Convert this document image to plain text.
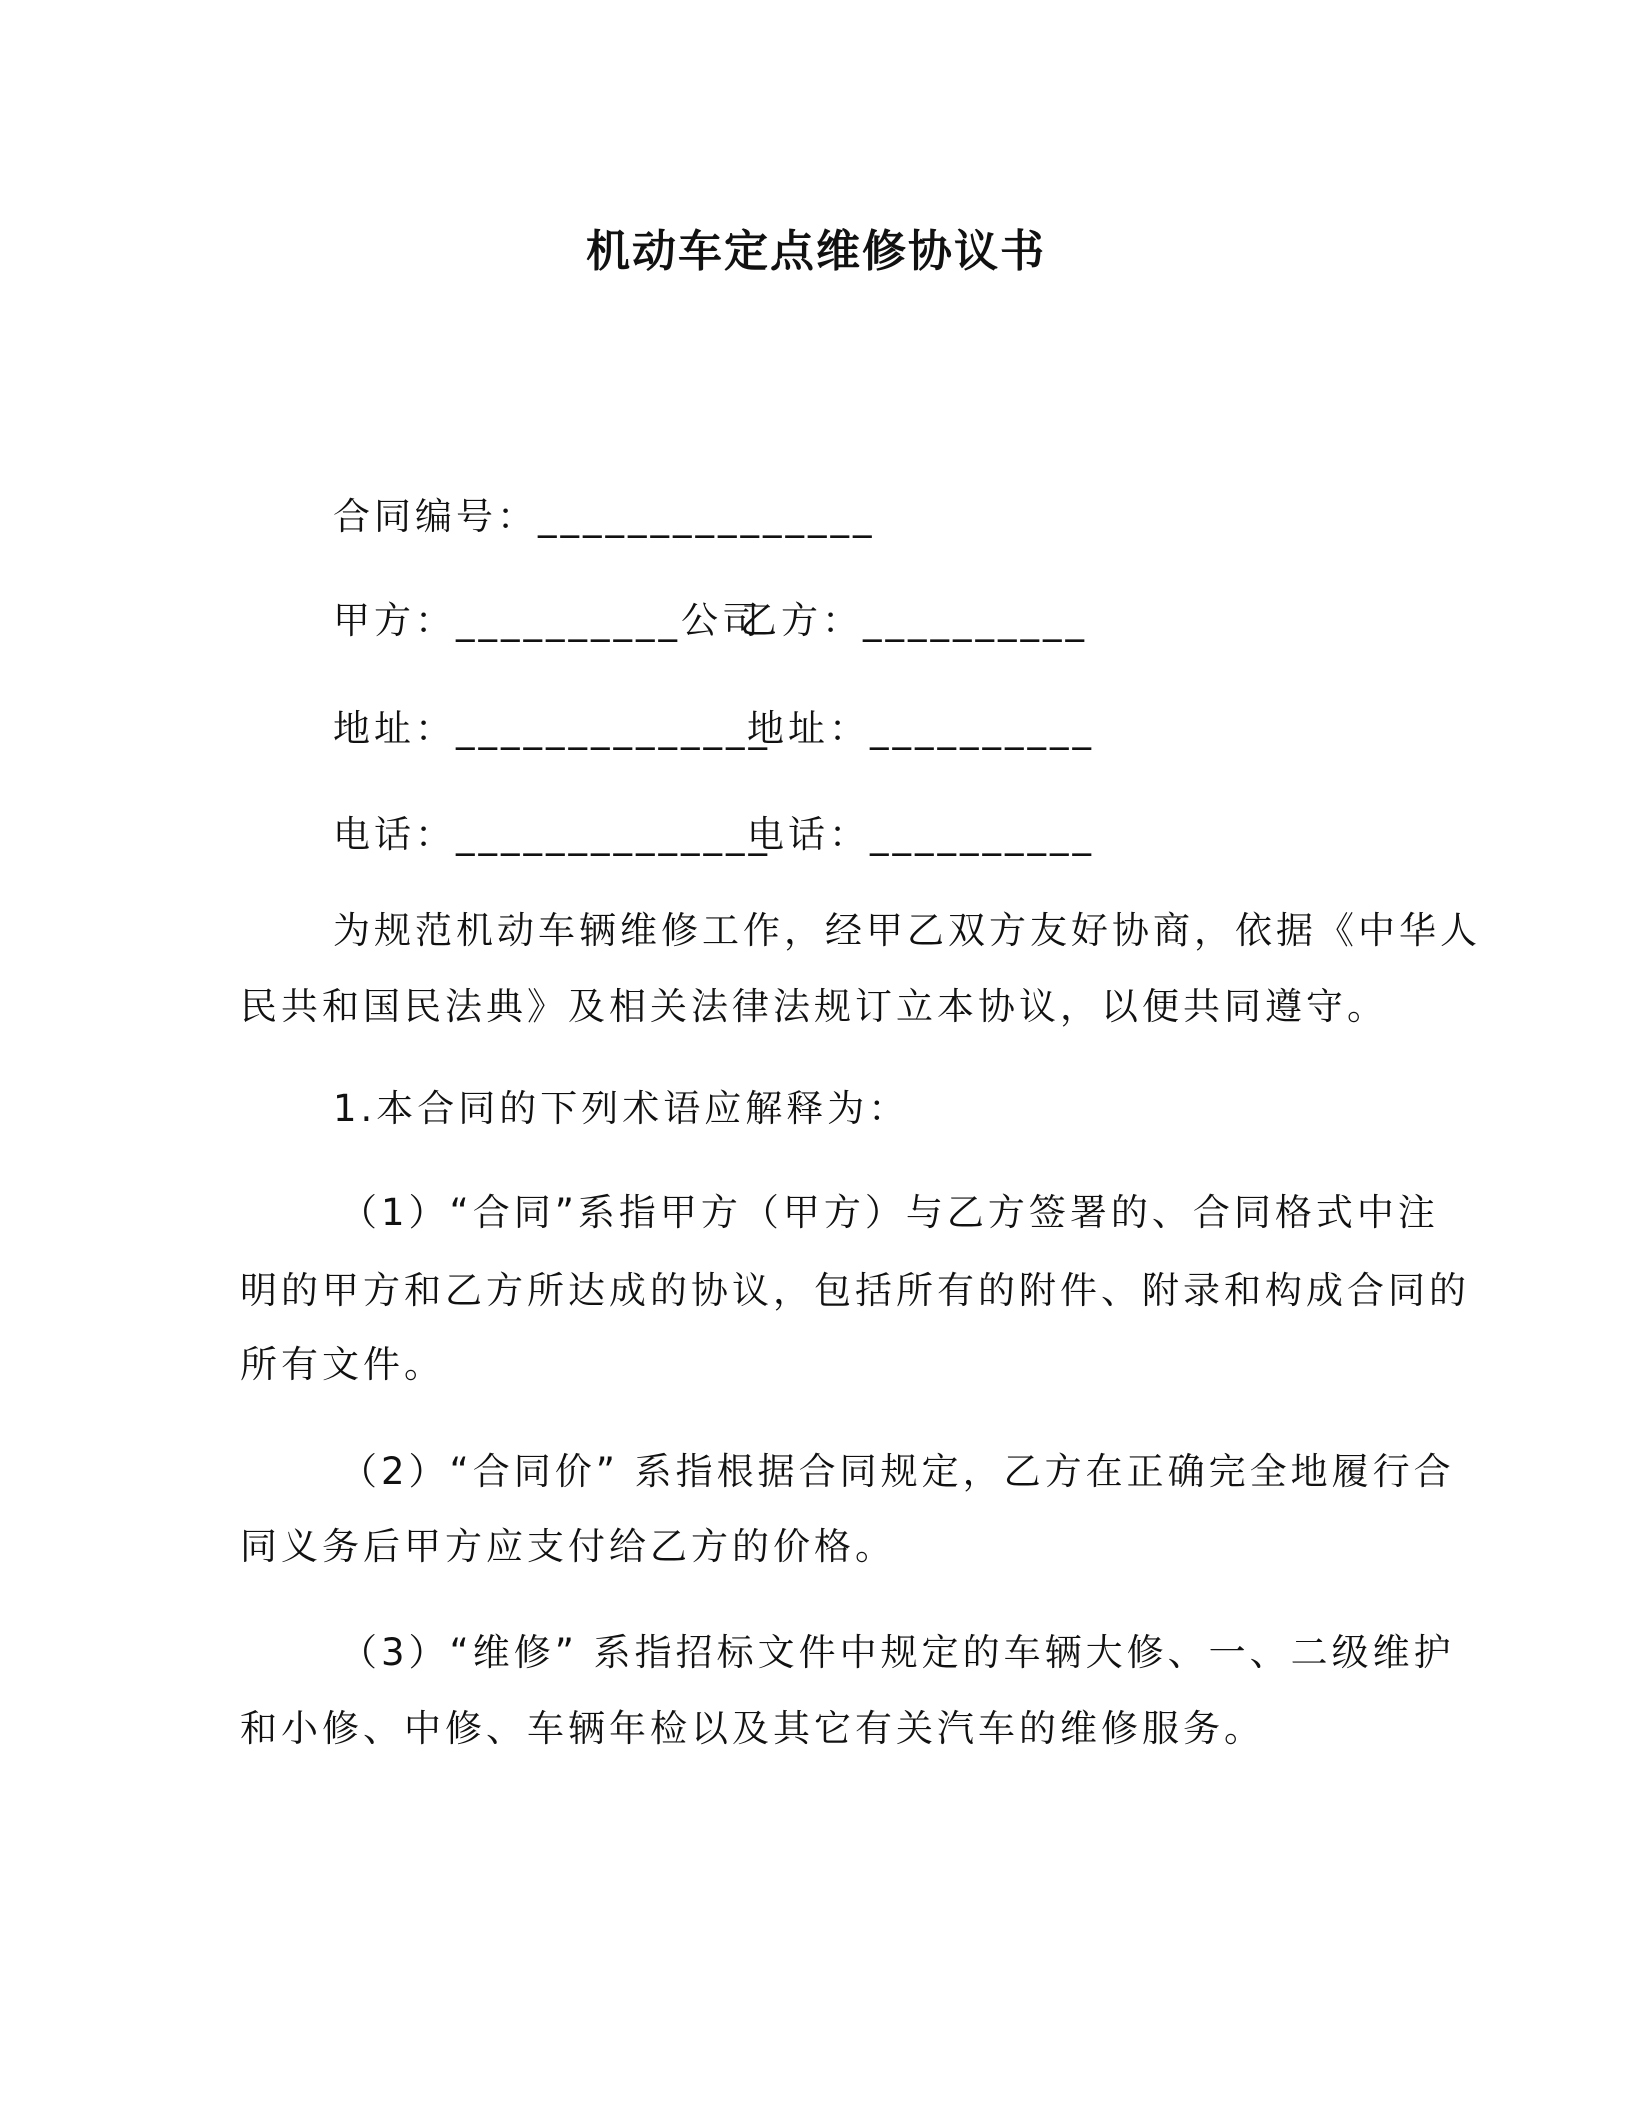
机动车定点维修协议书
合同编号：_______________
甲方：__________公司
乙方：__________
地址：______________
地址：__________
电话：______________
电话：__________
为规范机动车辆维修工作，经甲乙双方友好协商，依据《中华人
民共和国民法典》及相关法律法规订立本协议，以便共同遵守。
1.本合同的下列术语应解释为：
（1）“合同”系指甲方（甲方）与乙方签署的、合同格式中注
明的甲方和乙方所达成的协议，包括所有的附件、附录和构成合同的
所有文件。
（2）“合同价” 系指根据合同规定，乙方在正确完全地履行合
同义务后甲方应支付给乙方的价格。
（3）“维修” 系指招标文件中规定的车辆大修、一、二级维护
和小修、中修、车辆年检以及其它有关汽车的维修服务。
